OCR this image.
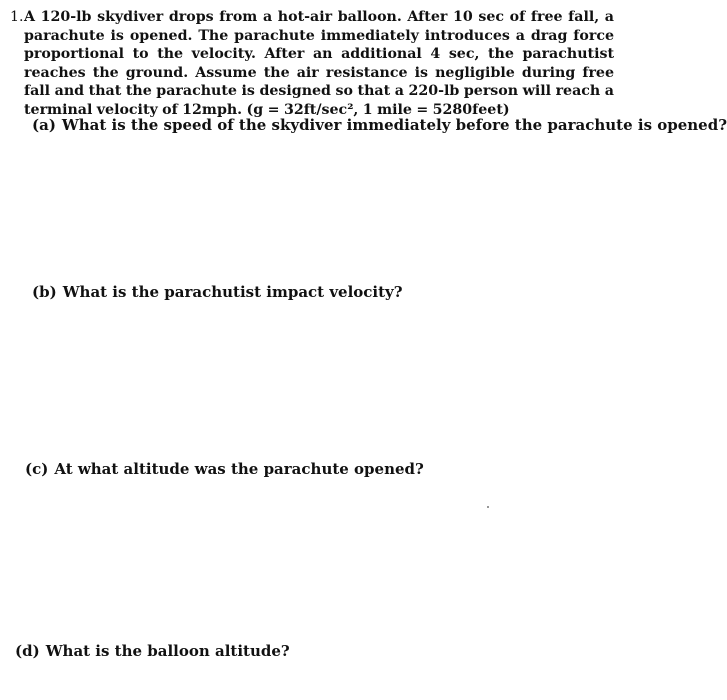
1. A 120-lb skydiver drops from a hot-air balloon. After 10 sec of free fall, a parachute is opened. The parachute immediately introduces a drag force proportional to the velocity. After an additional 4 sec, the parachutist reaches the ground. Assume the air resistance is negligible during free fall and that the parachute is designed so that a 220-lb person will reach a terminal velocity of 12mph. (g = 32ft/sec², 1 mile = 5280feet)
(a) What is the speed of the skydiver immediately before the parachute is opened?
(b) What is the parachutist impact velocity?
(c) At what altitude was the parachute opened?
(d) What is the balloon altitude?
